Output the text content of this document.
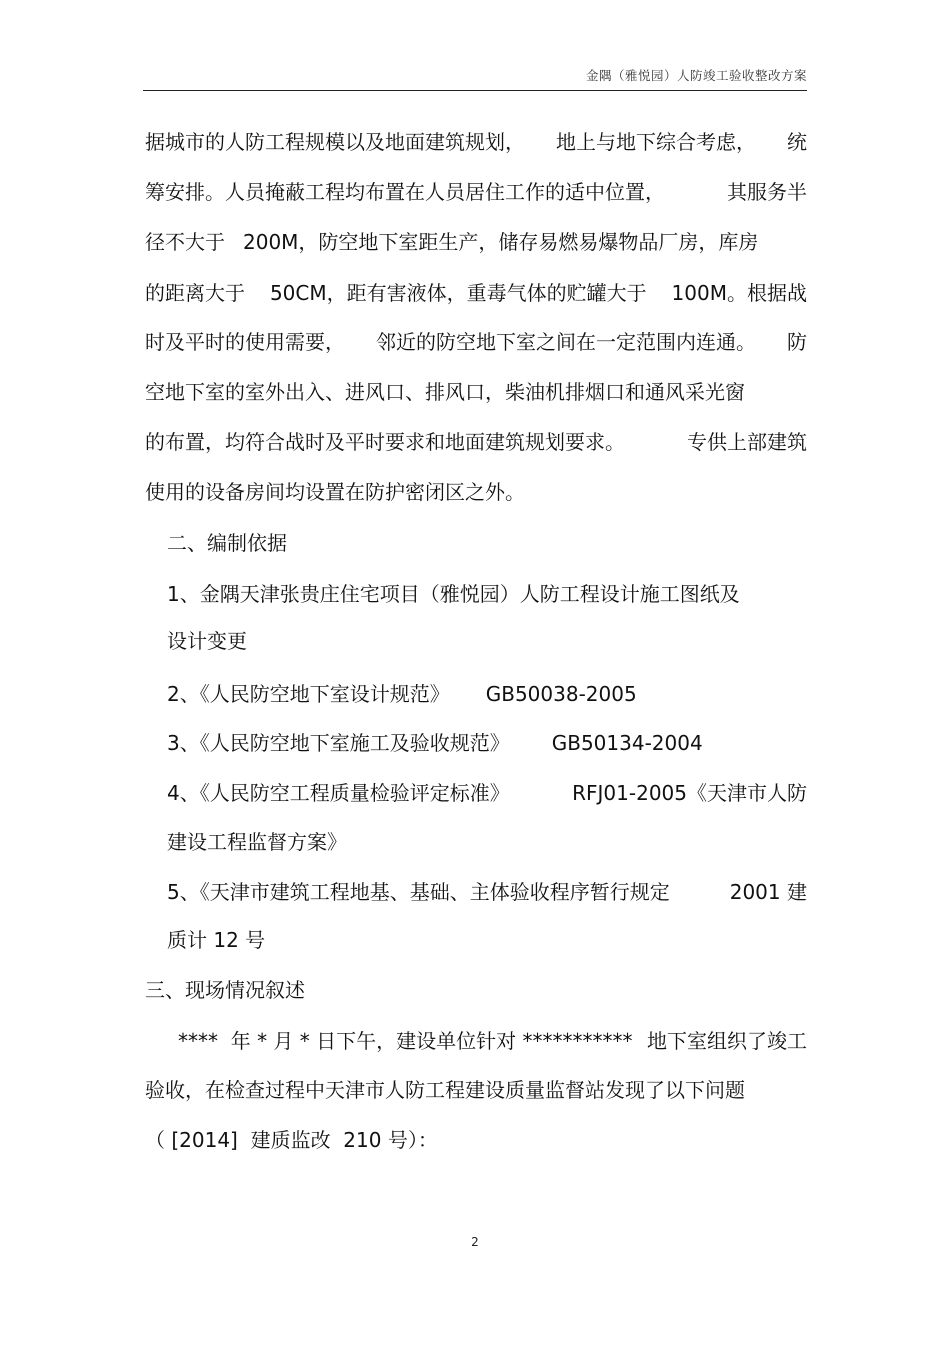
金隅（雅悦园）人防竣工验收整改方案
据城市的人防工程规模以及地面建筑规划， 地上与地下综合考虑， 统
筹安排。人员掩蔽工程均布置在人员居住工作的适中位置，	其服务半
径不大于 200M，防空地下室距生产，储存易燃易爆物品厂房，库房
的距离大于 50CM，距有害液体，重毒气体的贮罐大于 100M。根据战
时及平时的使用需要， 邻近的防空地下室之间在一定范围内连通。 防
空地下室的室外出入、进风口、排风口，柴油机排烟口和通风采光窗
的布置，均符合战时及平时要求和地面建筑规划要求。	专供上部建筑
使用的设备房间均设置在防护密闭区之外。
二、编制依据
1、金隅天津张贵庄住宅项目（雅悦园）人防工程设计施工图纸及
设计变更
2、《人民防空地下室设计规范》 GB50038-2005
3、《人民防空地下室施工及验收规范》 GB50134-2004
4、《人民防空工程质量检验评定标准》	RFJ01-2005《天津市人防
建设工程监督方案》
5、《天津市建筑工程地基、基础、主体验收程序暂行规定	2001 建
质计 12 号
三、现场情况叙述
****  年 * 月 * 日下午，建设单位针对 *********** 地下室组织了竣工
验收，在检查过程中天津市人防工程建设质量监督站发现了以下问题
（ [2014]  建质监改  210 号）：
2
